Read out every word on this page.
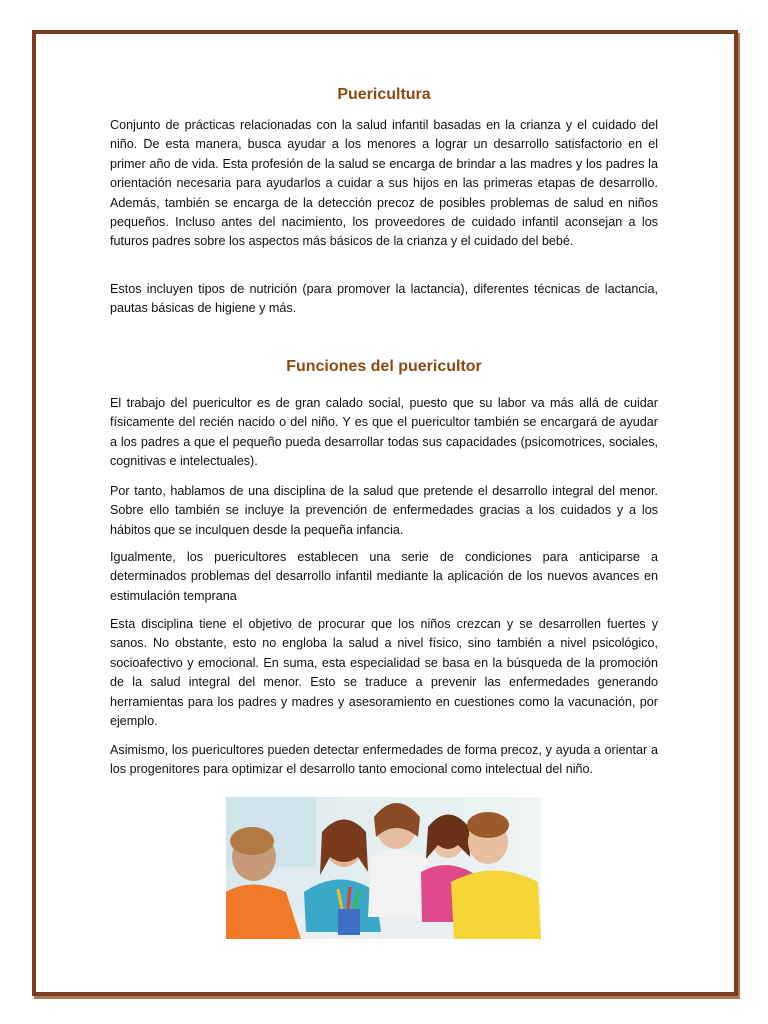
Puericultura

Conjunto de prácticas relacionadas con la salud infantil basadas en la crianza y el cuidado del niño. De esta manera, busca ayudar a los menores a lograr un desarrollo satisfactorio en el primer año de vida. Esta profesión de la salud se encarga de brindar a las madres y los padres la orientación necesaria para ayudarlos a cuidar a sus hijos en las primeras etapas de desarrollo. Además, también se encarga de la detección precoz de posibles problemas de salud en niños pequeños. Incluso antes del nacimiento, los proveedores de cuidado infantil aconsejan a los futuros padres sobre los aspectos más básicos de la crianza y el cuidado del bebé.

Estos incluyen tipos de nutrición (para promover la lactancia), diferentes técnicas de lactancia, pautas básicas de higiene y más.

Funciones del puericultor

El trabajo del puericultor es de gran calado social, puesto que su labor va más allá de cuidar físicamente del recién nacido o del niño. Y es que el puericultor también se encargará de ayudar a los padres a que el pequeño pueda desarrollar todas sus capacidades (psicomotrices, sociales, cognitivas e intelectuales).

Por tanto, hablamos de una disciplina de la salud que pretende el desarrollo integral del menor. Sobre ello también se incluye la prevención de enfermedades gracias a los cuidados y a los hábitos que se inculquen desde la pequeña infancia.

Igualmente, los puericultores establecen una serie de condiciones para anticiparse a determinados problemas del desarrollo infantil mediante la aplicación de los nuevos avances en estimulación temprana

Esta disciplina tiene el objetivo de procurar que los niños crezcan y se desarrollen fuertes y sanos. No obstante, esto no engloba la salud a nivel físico, sino también a nivel psicológico, socioafectivo y emocional. En suma, esta especialidad se basa en la búsqueda de la promoción de la salud integral del menor. Esto se traduce a prevenir las enfermedades generando herramientas para los padres y madres y asesoramiento en cuestiones como la vacunación, por ejemplo.

Asimismo, los puericultores pueden detectar enfermedades de forma precoz, y ayuda a orientar a los progenitores para optimizar el desarrollo tanto emocional como intelectual del niño.
